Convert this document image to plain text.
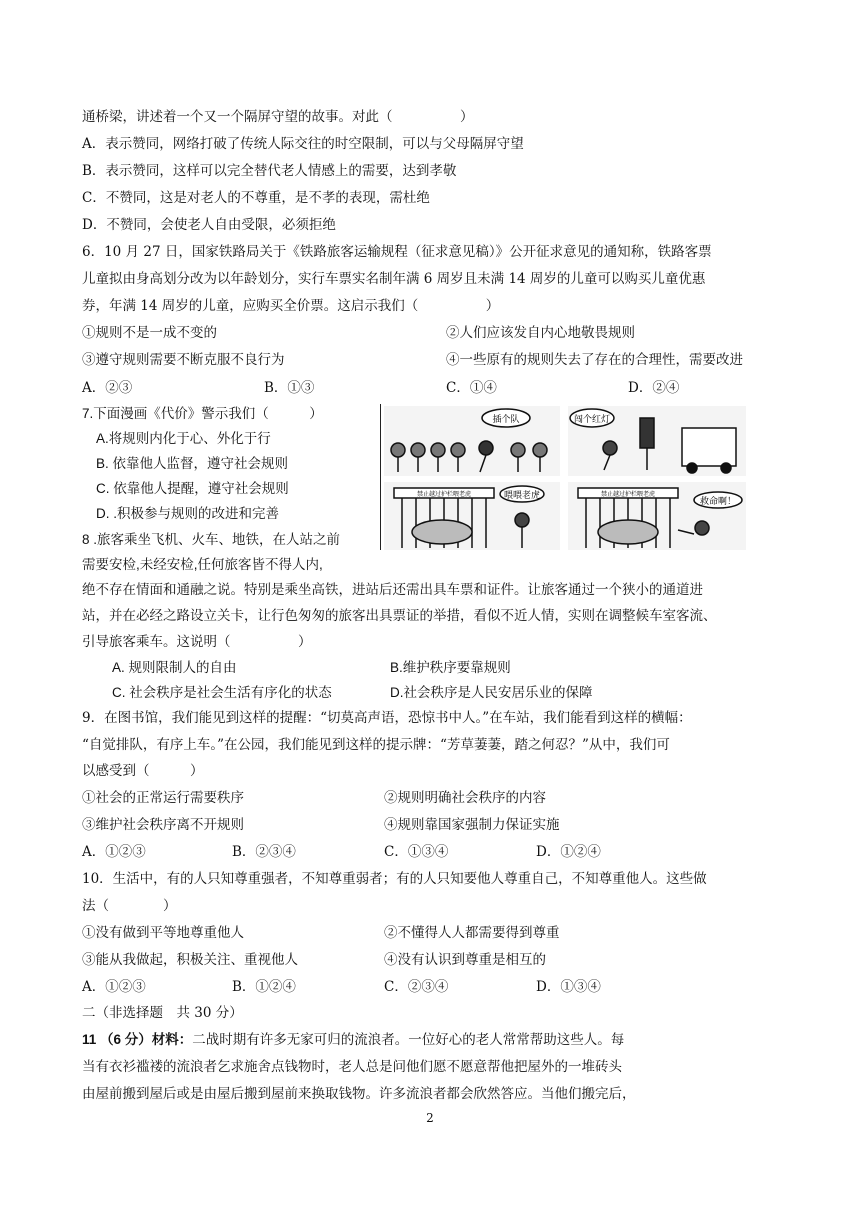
通桥梁，讲述着一个又一个隔屏守望的故事。对此（　　　　　）
A．表示赞同，网络打破了传统人际交往的时空限制，可以与父母隔屏守望
B．表示赞同，这样可以完全替代老人情感上的需要，达到孝敬
C．不赞同，这是对老人的不尊重，是不孝的表现，需杜绝
D．不赞同，会使老人自由受限，必须拒绝
6．10 月 27 日，国家铁路局关于《铁路旅客运输规程（征求意见稿）》公开征求意见的通知称，铁路客票
儿童拟由身高划分改为以年龄划分，实行车票实名制年满 6 周岁且未满 14 周岁的儿童可以购买儿童优惠
券，年满 14 周岁的儿童，应购买全价票。这启示我们（　　　　　）
①规则不是一成不变的	②人们应该发自内心地敬畏规则
③遵守规则需要不断克服不良行为	④一些原有的规则失去了存在的合理性，需要改进
A．②③	B．①③	C．①④	D．②④
7.下面漫画《代价》警示我们（　　　）
A.将规则内化于心、外化于行
B. 依靠他人监督，遵守社会规则
C. 依靠他人提醒，遵守社会规则
D. .积极参与规则的改进和完善
插个队	闯个红灯
禁止越过护栏喂老虎	喂喂老虎	禁止越过护栏喂老虎
救命啊！
8 .旅客乘坐飞机、火车、地铁，在人站之前
需要安检,未经安检,任何旅客皆不得人内,
绝不存在情面和通融之说。特别是乘坐高铁，进站后还需出具车票和证件。让旅客通过一个狭小的通道进
站，并在必经之路设立关卡，让行色匆匆的旅客出具票证的举措，看似不近人情，实则在调整候车室客流、
引导旅客乘车。这说明（　　　　　）
A. 规则限制人的自由	B.维护秩序要靠规则
C. 社会秩序是社会生活有序化的状态	D.社会秩序是人民安居乐业的保障
9．在图书馆，我们能见到这样的提醒：“切莫高声语，恐惊书中人。”在车站，我们能看到这样的横幅：
“自觉排队，有序上车。”在公园，我们能见到这样的提示牌：“芳草萋萋，踏之何忍？”从中，我们可
以感受到（　　　）
①社会的正常运行需要秩序	②规则明确社会秩序的内容
③维护社会秩序离不开规则	④规则靠国家强制力保证实施
A．①②③	B．②③④	C．①③④	D．①②④
10．生活中，有的人只知尊重强者，不知尊重弱者；有的人只知要他人尊重自己，不知尊重他人。这些做
法（　　　　）
①没有做到平等地尊重他人	②不懂得人人都需要得到尊重
③能从我做起，积极关注、重视他人	④没有认识到尊重是相互的
A．①②③	B．①②④	C．②③④	D．①③④
二（非选择题　共 30 分）
11 （6 分）材料：二战时期有许多无家可归的流浪者。一位好心的老人常常帮助这些人。每
当有衣衫褴褛的流浪者乞求施舍点钱物时，老人总是问他们愿不愿意帮他把屋外的一堆砖头
由屋前搬到屋后或是由屋后搬到屋前来换取钱物。许多流浪者都会欣然答应。当他们搬完后，
2
